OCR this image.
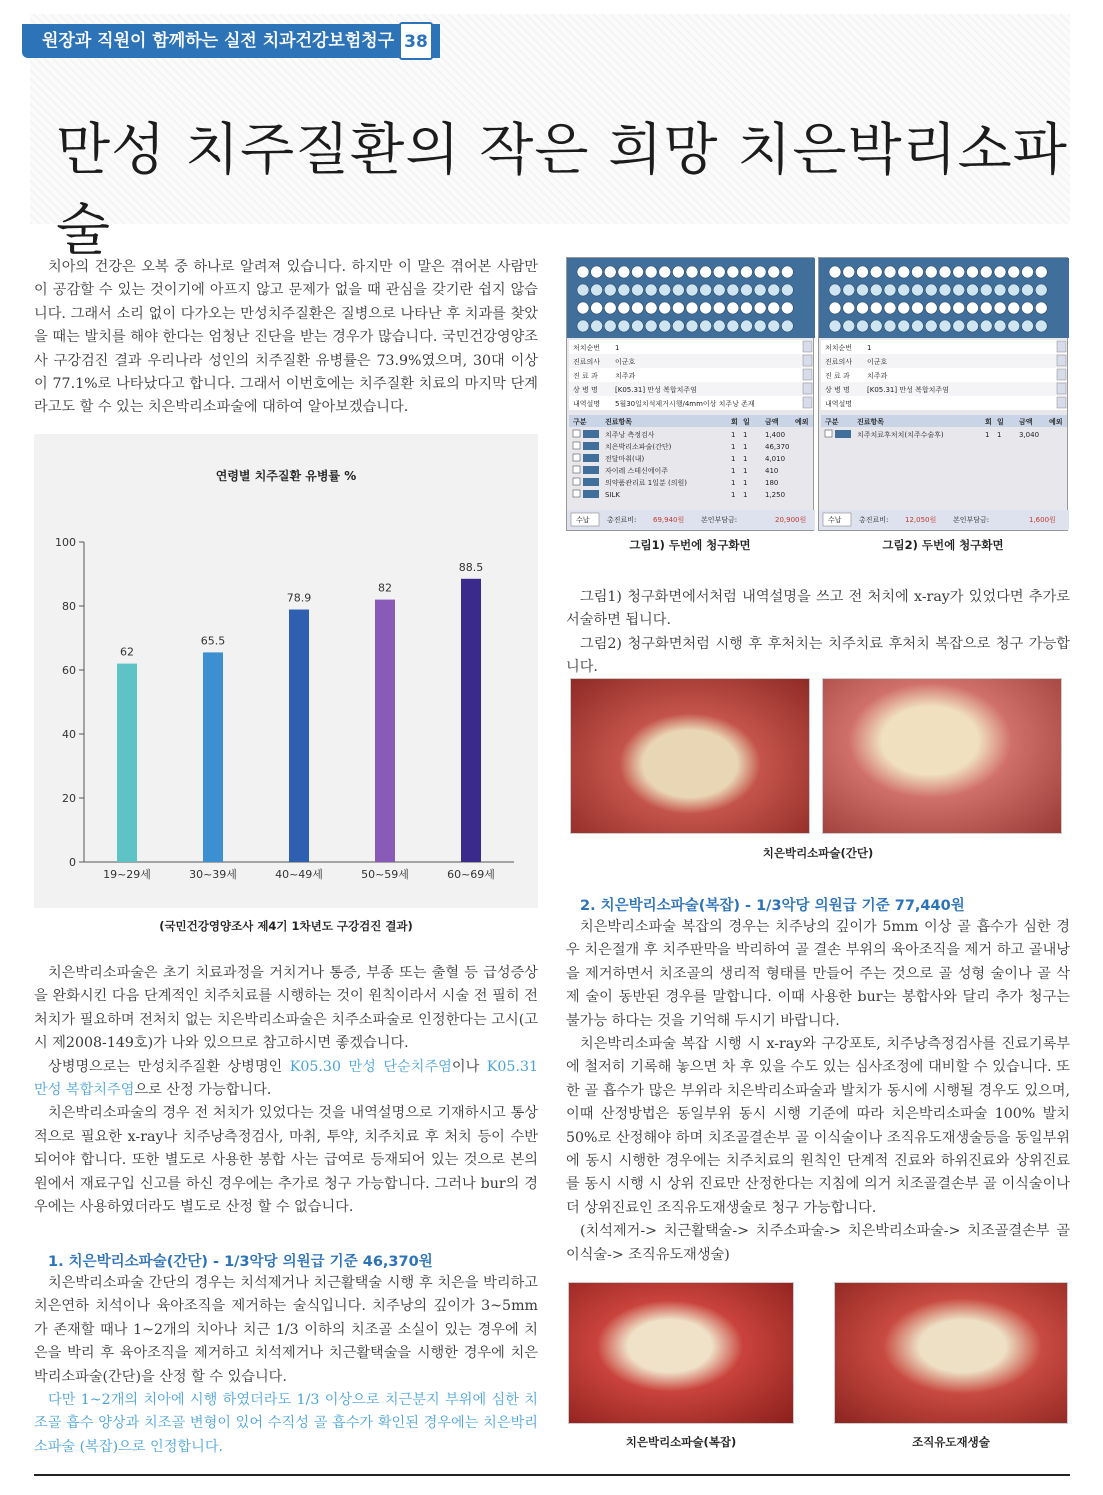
원장과 직원이 함께하는 실전 치과건강보험청구 38
만성 치주질환의 작은 희망 치은박리소파술

치아의 건강은 오복 중 하나로 알려져 있습니다. 하지만 이 말은 겪어본 사람만이 공감할 수 있는 것이기에 아프지 않고 문제가 없을 때 관심을 갖기란 쉽지 않습니다. 그래서 소리 없이 다가오는 만성치주질환은 질병으로 나타난 후 치과를 찾았을 때는 발치를 해야 한다는 엄청난 진단을 받는 경우가 많습니다. 국민건강영양조사 구강검진 결과 우리나라 성인의 치주질환 유병률은 73.9%였으며, 30대 이상이 77.1%로 나타났다고 합니다. 그래서 이번호에는 치주질환 치료의 마지막 단계라고도 할 수 있는 치은박리소파술에 대하여 알아보겠습니다.

연령별 치주질환 유병률 %
0
20
40
60
80
100
62
19~29세
65.5
30~39세
78.9
40~49세
82
50~59세
88.5
60~69세
(국민건강영양조사 제4기 1차년도 구강검진 결과)

치은박리소파술은 초기 치료과정을 거치거나 통증, 부종 또는 출혈 등 급성증상을 완화시킨 다음 단계적인 치주치료를 시행하는 것이 원칙이라서 시술 전 필히 전처치가 필요하며 전처치 없는 치은박리소파술은 치주소파술로 인정한다는 고시(고시 제2008-149호)가 나와 있으므로 참고하시면 좋겠습니다.

상병명으로는 만성치주질환 상병명인 K05.30 만성 단순치주염이나 K05.31 만성 복합치주염으로 산정 가능합니다.

치은박리소파술의 경우 전 처치가 있었다는 것을 내역설명으로 기재하시고 통상적으로 필요한 x-ray나 치주낭측정검사, 마취, 투약, 치주치료 후 처치 등이 수반되어야 합니다. 또한 별도로 사용한 봉합 사는 급여로 등재되어 있는 것으로 본의원에서 재료구입 신고를 하신 경우에는 추가로 청구 가능합니다. 그러나 bur의 경우에는 사용하였더라도 별도로 산정 할 수 없습니다.

1. 치은박리소파술(간단) - 1/3악당 의원급 기준 46,370원

치은박리소파술 간단의 경우는 치석제거나 치근활택술 시행 후 치은을 박리하고 치은연하 치석이나 육아조직을 제거하는 술식입니다. 치주낭의 깊이가 3~5mm가 존재할 때나 1~2개의 치아나 치근 1/3 이하의 치조골 소실이 있는 경우에 치은을 박리 후 육아조직을 제거하고 치석제거나 치근활택술을 시행한 경우에 치은박리소파술(간단)을 산정 할 수 있습니다.

다만 1~2개의 치아에 시행 하였더라도 1/3 이상으로 치근분지 부위에 심한 치조골 흡수 양상과 치조골 변형이 있어 수직성 골 흡수가 확인된 경우에는 치은박리소파술 (복잡)으로 인정합니다.

처치순번 1
진료의사 이군호
진 료 과 치주과
상 병 명 [K05.31] 만성 복합치주염
내역설명 5월30일치석제거시행/4mm이상 치주낭 존재
구분	진료항목	회 일 금액 예외
치주낭 측정검사	1 1	1,400
치은박리소파술(간단)	1 1	46,370
전달마취(내)	1 1	4,010
자이레 스테신에이주	1 1	410
의약품관리료 1일분 (의원)	1 1	180
SILK	1 1	1,250
수납 총진료비: 69,940원 본인부담금:	20,900원
처치순번 1
진료의사 이군호
진 료 과 치주과
상 병 명 [K05.31] 만성 복합치주염
내역설명
구분	진료항목	회 일 금액 예외
치주치료후처치(치주수술후)	1 1	3,040
수납 총진료비: 12,050원 본인부담금:	1,600원
그림1) 두번에 청구화면	그림2) 두번에 청구화면

그림1) 청구화면에서처럼 내역설명을 쓰고 전 처치에 x-ray가 있었다면 추가로 서술하면 됩니다.

그림2) 청구화면처럼 시행 후 후처치는 치주치료 후처치 복잡으로 청구 가능합니다.

치은박리소파술(간단)
2. 치은박리소파술(복잡) - 1/3악당 의원급 기준 77,440원

치은박리소파술 복잡의 경우는 치주낭의 깊이가 5mm 이상 골 흡수가 심한 경우 치은절개 후 치주판막을 박리하여 골 결손 부위의 육아조직을 제거 하고 골내낭을 제거하면서 치조골의 생리적 형태를 만들어 주는 것으로 골 성형 술이나 골 삭제 술이 동반된 경우를 말합니다. 이때 사용한 bur는 봉합사와 달리 추가 청구는 불가능 하다는 것을 기억해 두시기 바랍니다.

치은박리소파술 복잡 시행 시 x-ray와 구강포토, 치주낭측정검사를 진료기록부에 철저히 기록해 놓으면 차 후 있을 수도 있는 심사조정에 대비할 수 있습니다. 또한 골 흡수가 많은 부위라 치은박리소파술과 발치가 동시에 시행될 경우도 있으며, 이때 산정방법은 동일부위 동시 시행 기준에 따라 치은박리소파술 100% 발치 50%로 산정해야 하며 치조골결손부 골 이식술이나 조직유도재생술등을 동일부위에 동시 시행한 경우에는 치주치료의 원칙인 단계적 진료와 하위진료와 상위진료를 동시 시행 시 상위 진료만 산정한다는 지침에 의거 치조골결손부 골 이식술이나 더 상위진료인 조직유도재생술로 청구 가능합니다.

(치석제거-> 치근활택술-> 치주소파술-> 치은박리소파술-> 치조골결손부 골이식술-> 조직유도재생술)

치은박리소파술(복잡)	조직유도재생술
